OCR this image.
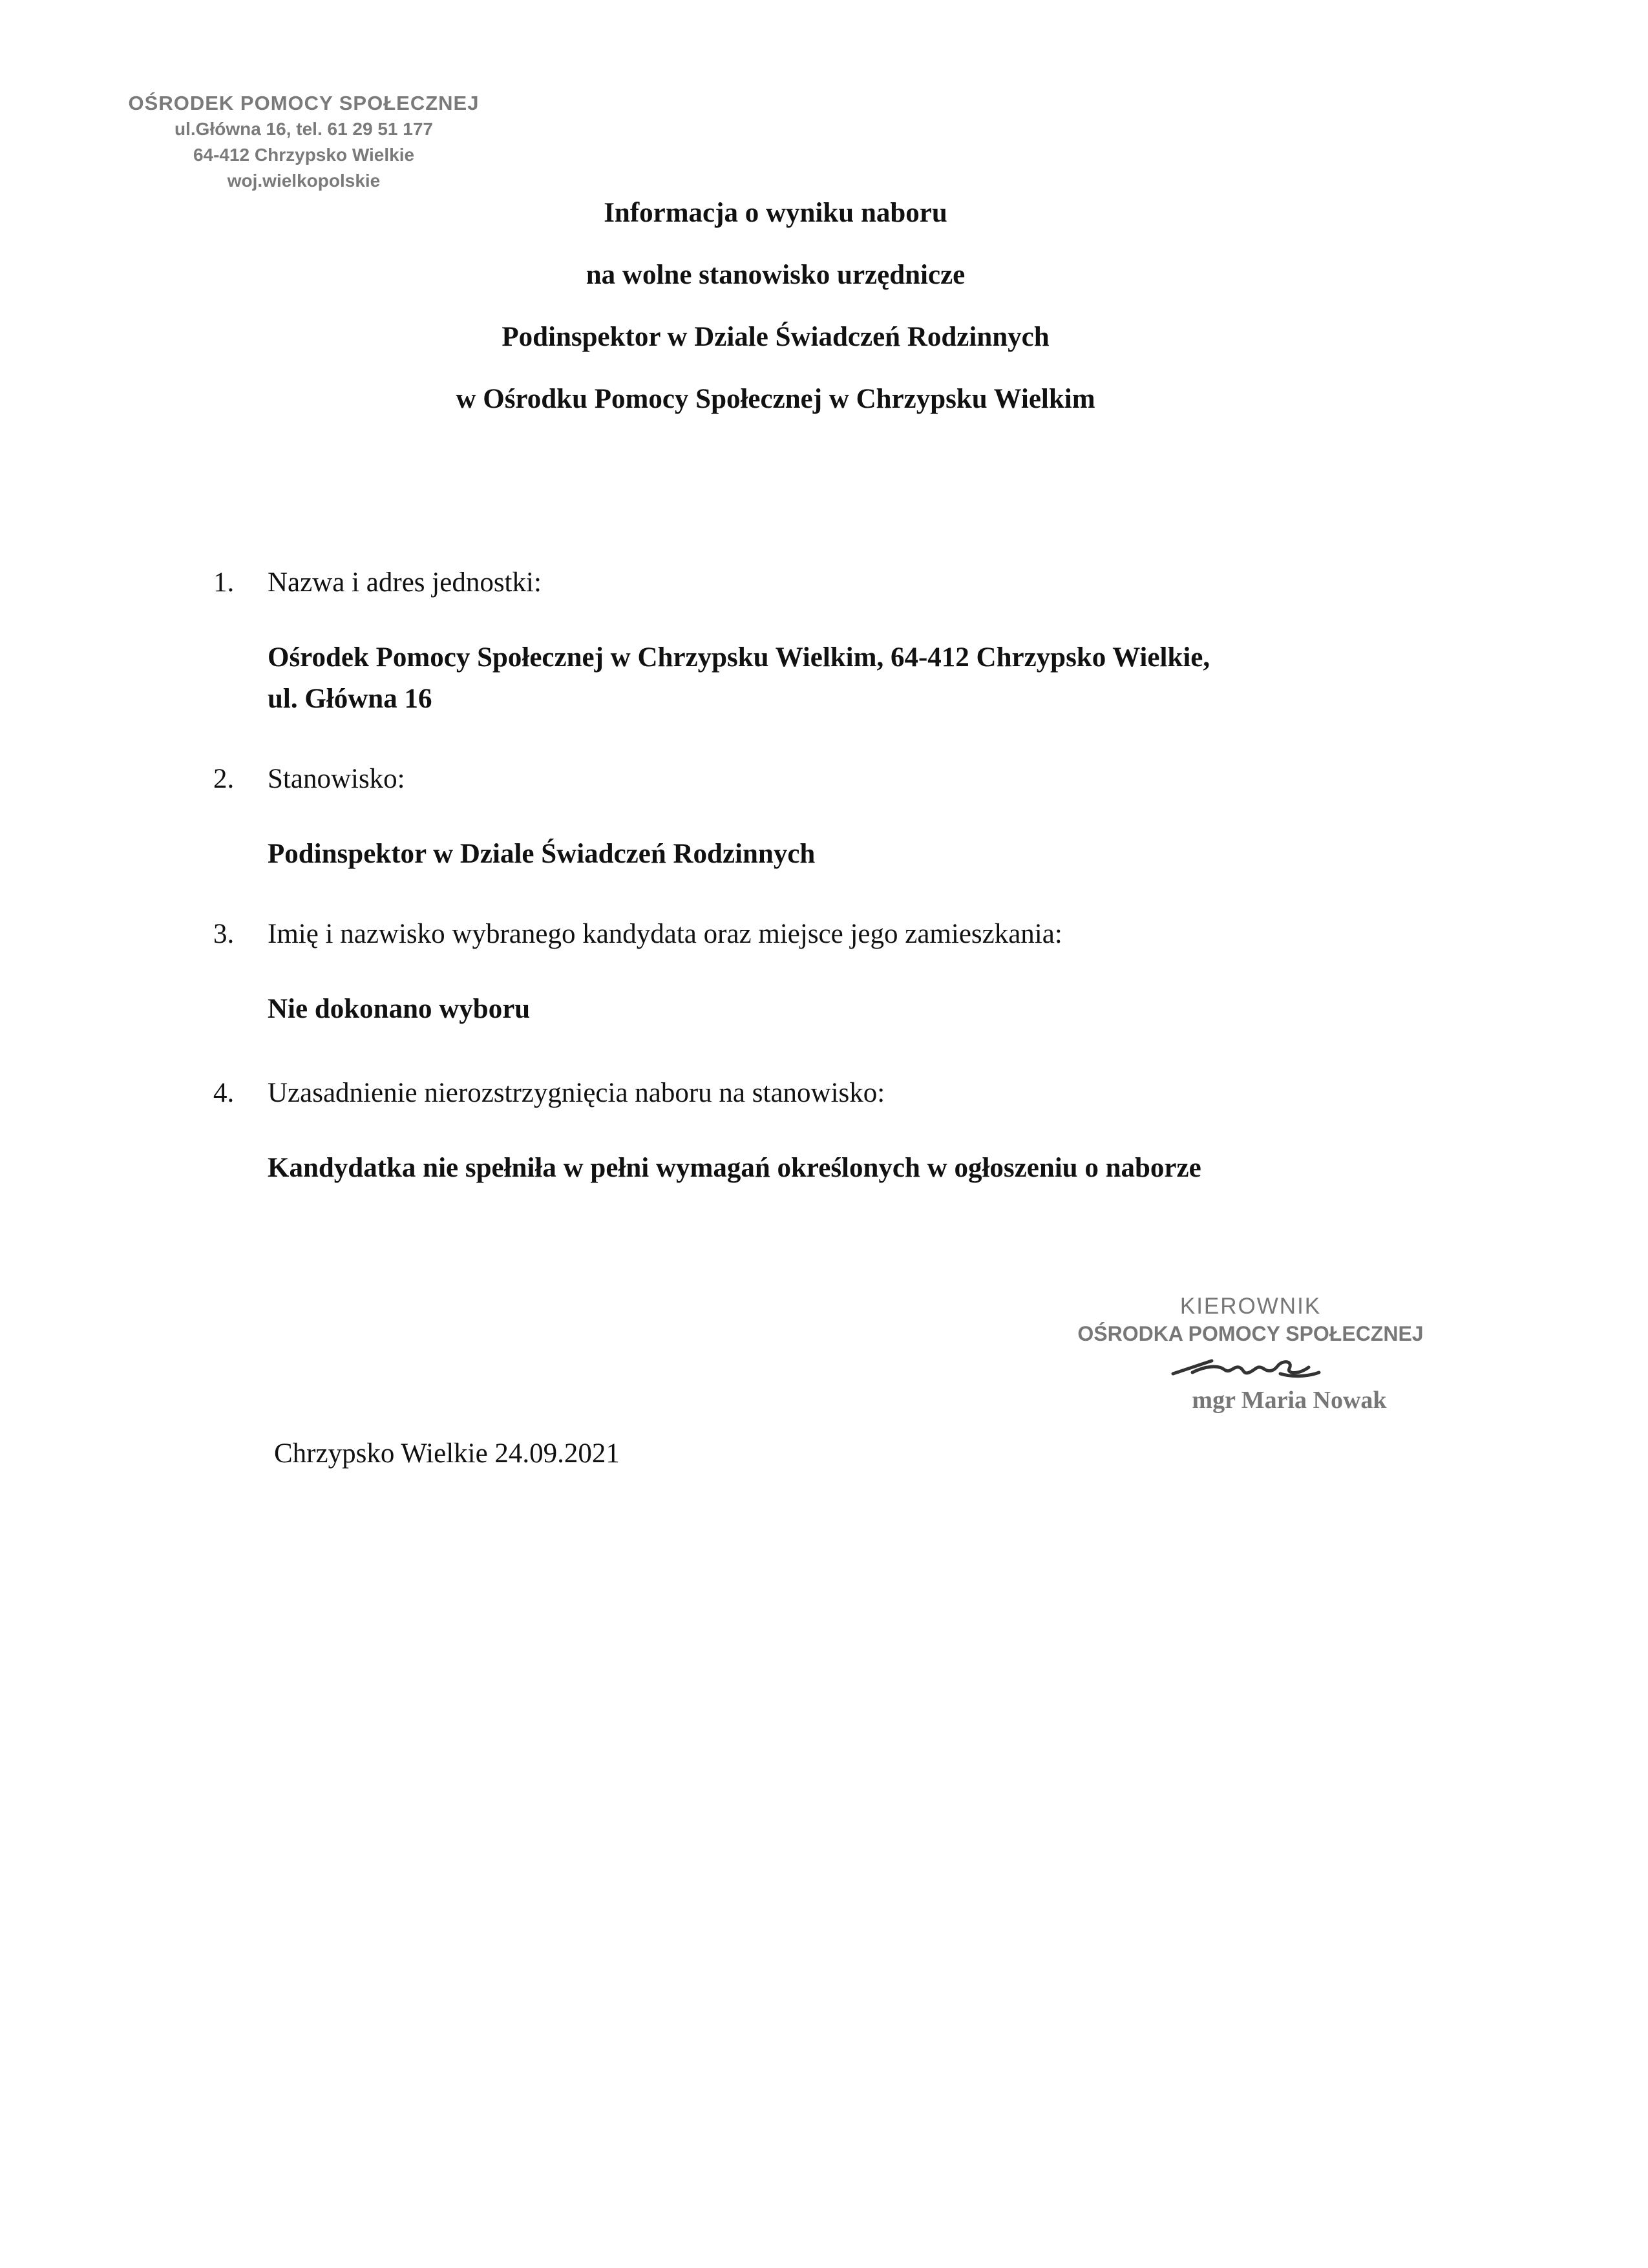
OŚRODEK POMOCY SPOŁECZNEJ
ul.Główna 16, tel. 61 29 51 177
64-412 Chrzypsko Wielkie
woj.wielkopolskie
Informacja o wyniku naboru
na wolne stanowisko urzędnicze
Podinspektor w Dziale Świadczeń Rodzinnych
w Ośrodku Pomocy Społecznej w Chrzypsku Wielkim
1.	Nazwa i adres jednostki:
Ośrodek Pomocy Społecznej w Chrzypsku Wielkim, 64-412 Chrzypsko Wielkie,
ul. Główna 16
2.	Stanowisko:
Podinspektor w Dziale Świadczeń Rodzinnych
3.	Imię i nazwisko wybranego kandydata oraz miejsce jego zamieszkania:
Nie dokonano wyboru
4.	Uzasadnienie nierozstrzygnięcia naboru na stanowisko:
Kandydatka nie spełniła w pełni wymagań określonych w ogłoszeniu o naborze
KIEROWNIK
OŚRODKA POMOCY SPOŁECZNEJ
mgr Maria Nowak
Chrzypsko Wielkie 24.09.2021
